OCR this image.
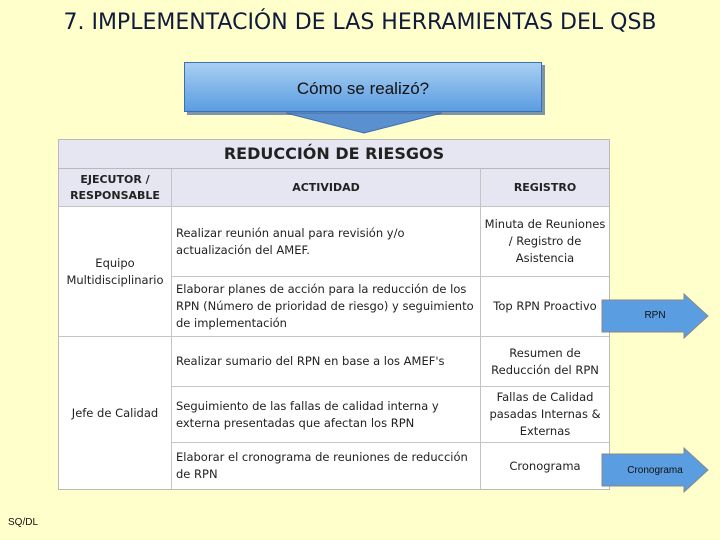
7. IMPLEMENTACIÓN DE LAS HERRAMIENTAS DEL QSB
Cómo se realizó?
REDUCCIÓN DE RIESGOS
EJECUTOR / RESPONSABLE
ACTIVIDAD	REGISTRO
Equipo Multidisciplinario
Jefe de Calidad
Realizar reunión anual para revisión y/o actualización del AMEF.
Minuta de Reuniones / Registro de Asistencia
Elaborar planes de acción para la reducción de los RPN (Número de prioridad de riesgo) y seguimiento de implementación
Top RPN Proactivo
Realizar sumario del RPN en base a los AMEF's
Resumen de Reducción del RPN
Seguimiento de las fallas de calidad interna y externa presentadas que afectan los RPN
Fallas de Calidad pasadas Internas & Externas
Elaborar el cronograma de reuniones de reducción de RPN
Cronograma
RPN
Cronograma
SQ/DL
